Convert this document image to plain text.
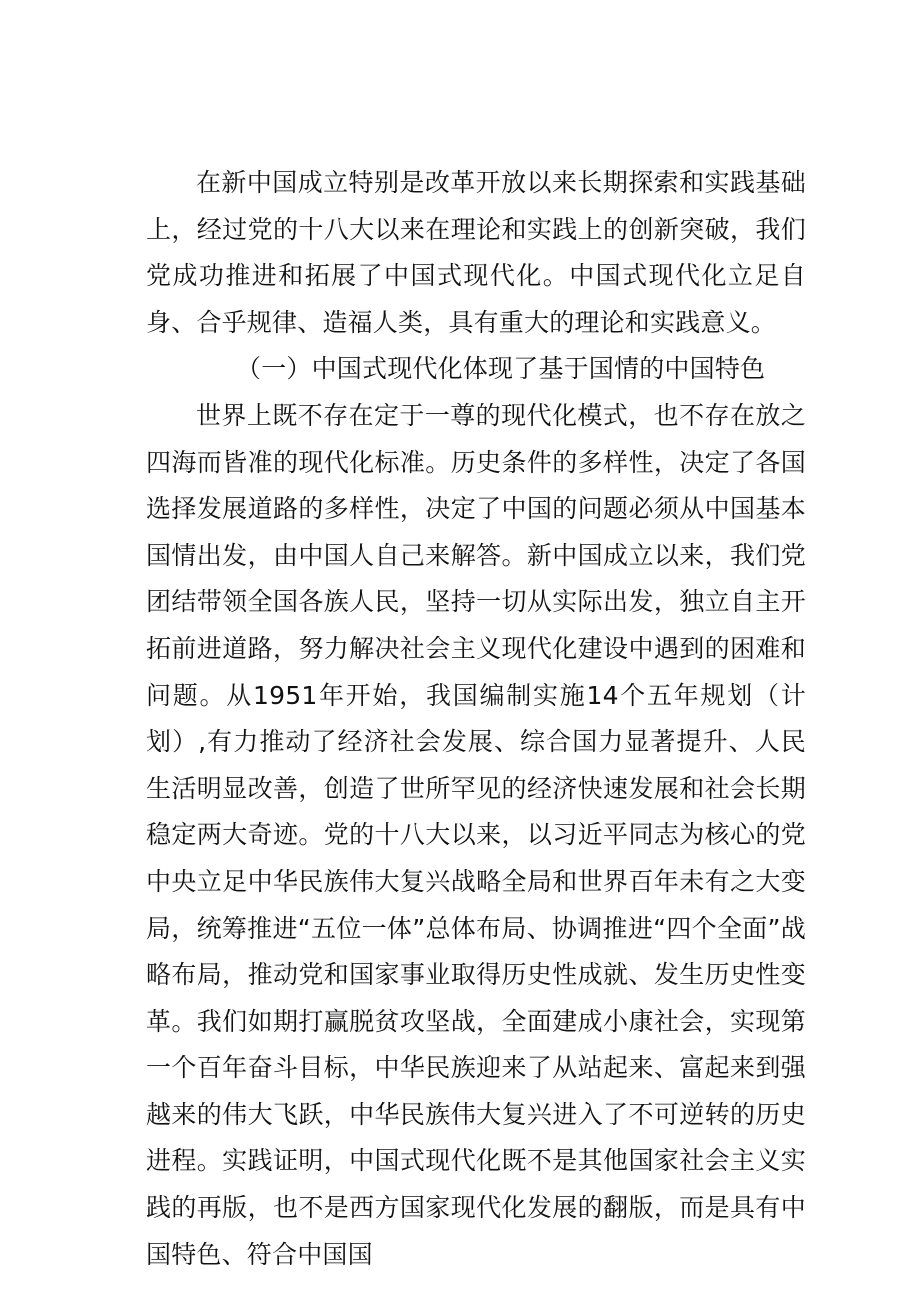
在新中国成立特别是改革开放以来长期探索和实践基础上，经过党的十八大以来在理论和实践上的创新突破，我们党成功推进和拓展了中国式现代化。中国式现代化立足自身、合乎规律、造福人类，具有重大的理论和实践意义。

（一）中国式现代化体现了基于国情的中国特色

世界上既不存在定于一尊的现代化模式，也不存在放之四海而皆准的现代化标准。历史条件的多样性，决定了各国选择发展道路的多样性，决定了中国的问题必须从中国基本国情出发，由中国人自己来解答。新中国成立以来，我们党团结带领全国各族人民，坚持一切从实际出发，独立自主开拓前进道路，努力解决社会主义现代化建设中遇到的困难和问题。从1951年开始，我国编制实施14个五年规划（计划）,有力推动了经济社会发展、综合国力显著提升、人民生活明显改善，创造了世所罕见的经济快速发展和社会长期稳定两大奇迹。党的十八大以来，以习近平同志为核心的党中央立足中华民族伟大复兴战略全局和世界百年未有之大变局，统筹推进“五位一体”总体布局、协调推进“四个全面”战略布局，推动党和国家事业取得历史性成就、发生历史性变革。我们如期打赢脱贫攻坚战，全面建成小康社会，实现第一个百年奋斗目标，中华民族迎来了从站起来、富起来到强越来的伟大飞跃，中华民族伟大复兴进入了不可逆转的历史进程。实践证明，中国式现代化既不是其他国家社会主义实践的再版，也不是西方国家现代化发展的翻版，而是具有中国特色、符合中国国
